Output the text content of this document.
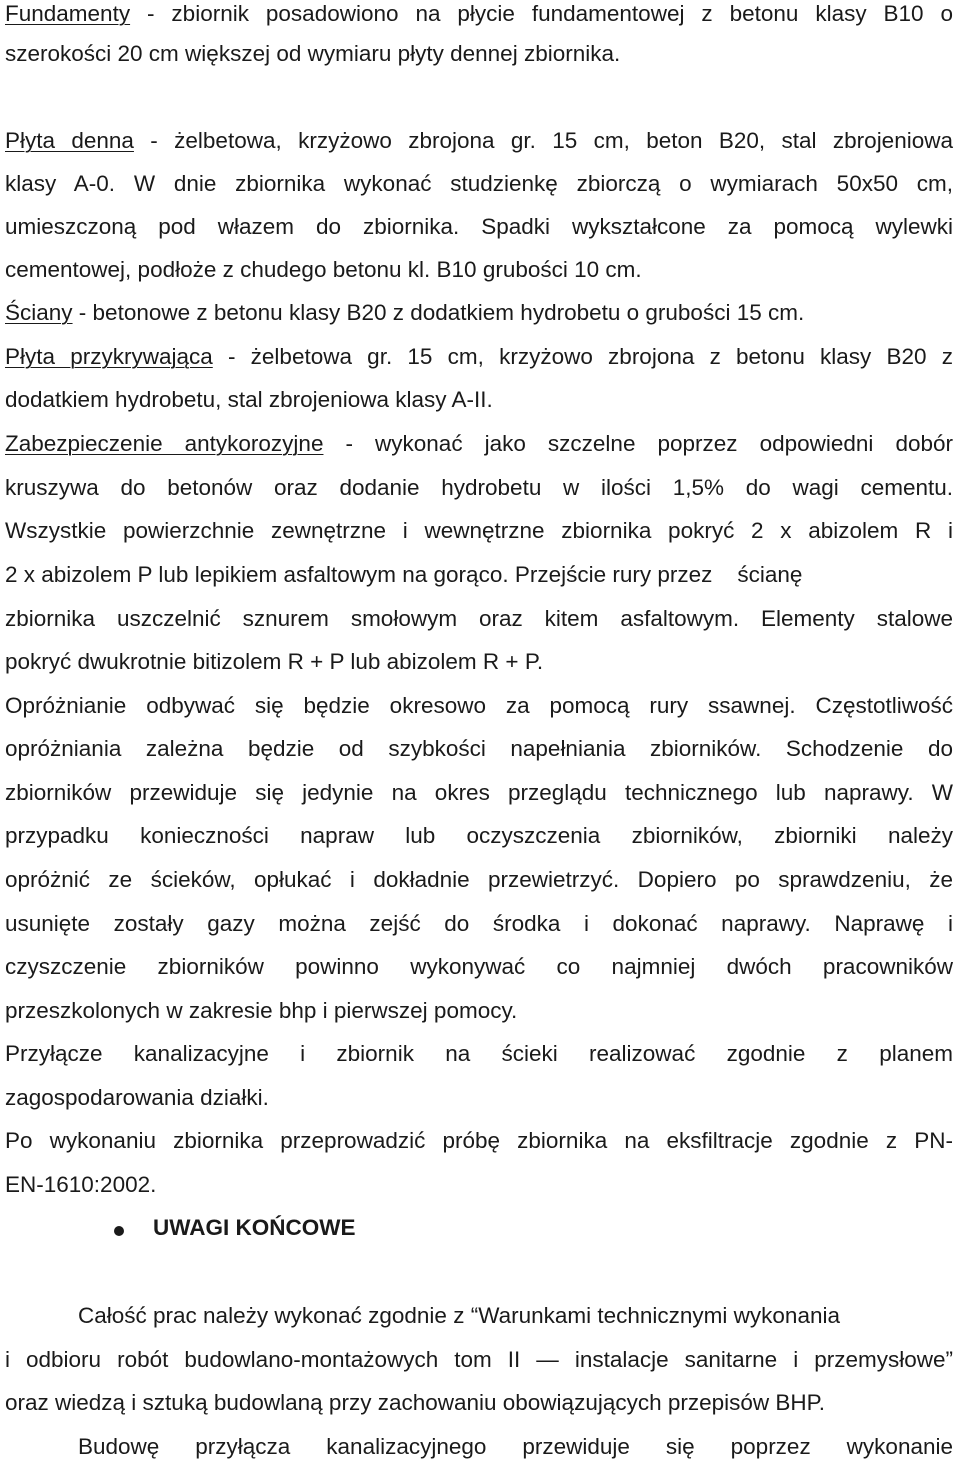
Fundamenty - zbiornik posadowiono na płycie fundamentowej z betonu klasy B10 o
szerokości 20 cm większej od wymiaru płyty dennej zbiornika.
Płyta denna - żelbetowa, krzyżowo zbrojona gr. 15 cm, beton B20, stal zbrojeniowa
klasy A-0. W dnie zbiornika wykonać studzienkę zbiorczą o wymiarach 50x50 cm,
umieszczoną pod włazem do zbiornika. Spadki wykształcone za pomocą wylewki
cementowej, podłoże z chudego betonu kl. B10 grubości 10 cm.
Ściany - betonowe z betonu klasy B20 z dodatkiem hydrobetu o grubości 15 cm.
Płyta przykrywająca - żelbetowa gr. 15 cm, krzyżowo zbrojona z betonu klasy B20 z
dodatkiem hydrobetu, stal zbrojeniowa klasy A-II.
Zabezpieczenie antykorozyjne - wykonać jako szczelne poprzez odpowiedni dobór
kruszywa do betonów oraz dodanie hydrobetu w ilości 1,5% do wagi cementu.
Wszystkie powierzchnie zewnętrzne i wewnętrzne zbiornika pokryć 2 x abizolem R i
2 x abizolem P lub lepikiem asfaltowym na gorąco. Przejście rury przez    ścianę
zbiornika uszczelnić sznurem smołowym oraz kitem asfaltowym. Elementy stalowe
pokryć dwukrotnie bitizolem R + P lub abizolem R + P.
Opróżnianie odbywać się będzie okresowo za pomocą rury ssawnej. Częstotliwość
opróżniania zależna będzie od szybkości napełniania zbiorników. Schodzenie do
zbiorników przewiduje się jedynie na okres przeglądu technicznego lub naprawy. W
przypadku konieczności napraw lub oczyszczenia zbiorników, zbiorniki należy
opróżnić ze ścieków, opłukać i dokładnie przewietrzyć. Dopiero po sprawdzeniu, że
usunięte zostały gazy można zejść do środka i dokonać naprawy. Naprawę i
czyszczenie zbiorników powinno wykonywać co najmniej dwóch pracowników
przeszkolonych w zakresie bhp i pierwszej pomocy.
Przyłącze kanalizacyjne i zbiornik na ścieki realizować zgodnie z planem
zagospodarowania działki.
Po wykonaniu zbiornika przeprowadzić próbę zbiornika na eksfiltracje zgodnie z PN-
EN-1610:2002.
UWAGI KOŃCOWE
Całość prac należy wykonać zgodnie z “Warunkami technicznymi wykonania
i odbioru robót budowlano-montażowych tom II — instalacje sanitarne i przemysłowe”
oraz wiedzą i sztuką budowlaną przy zachowaniu obowiązujących przepisów BHP.
Budowę przyłącza kanalizacyjnego przewiduje się poprzez wykonanie
